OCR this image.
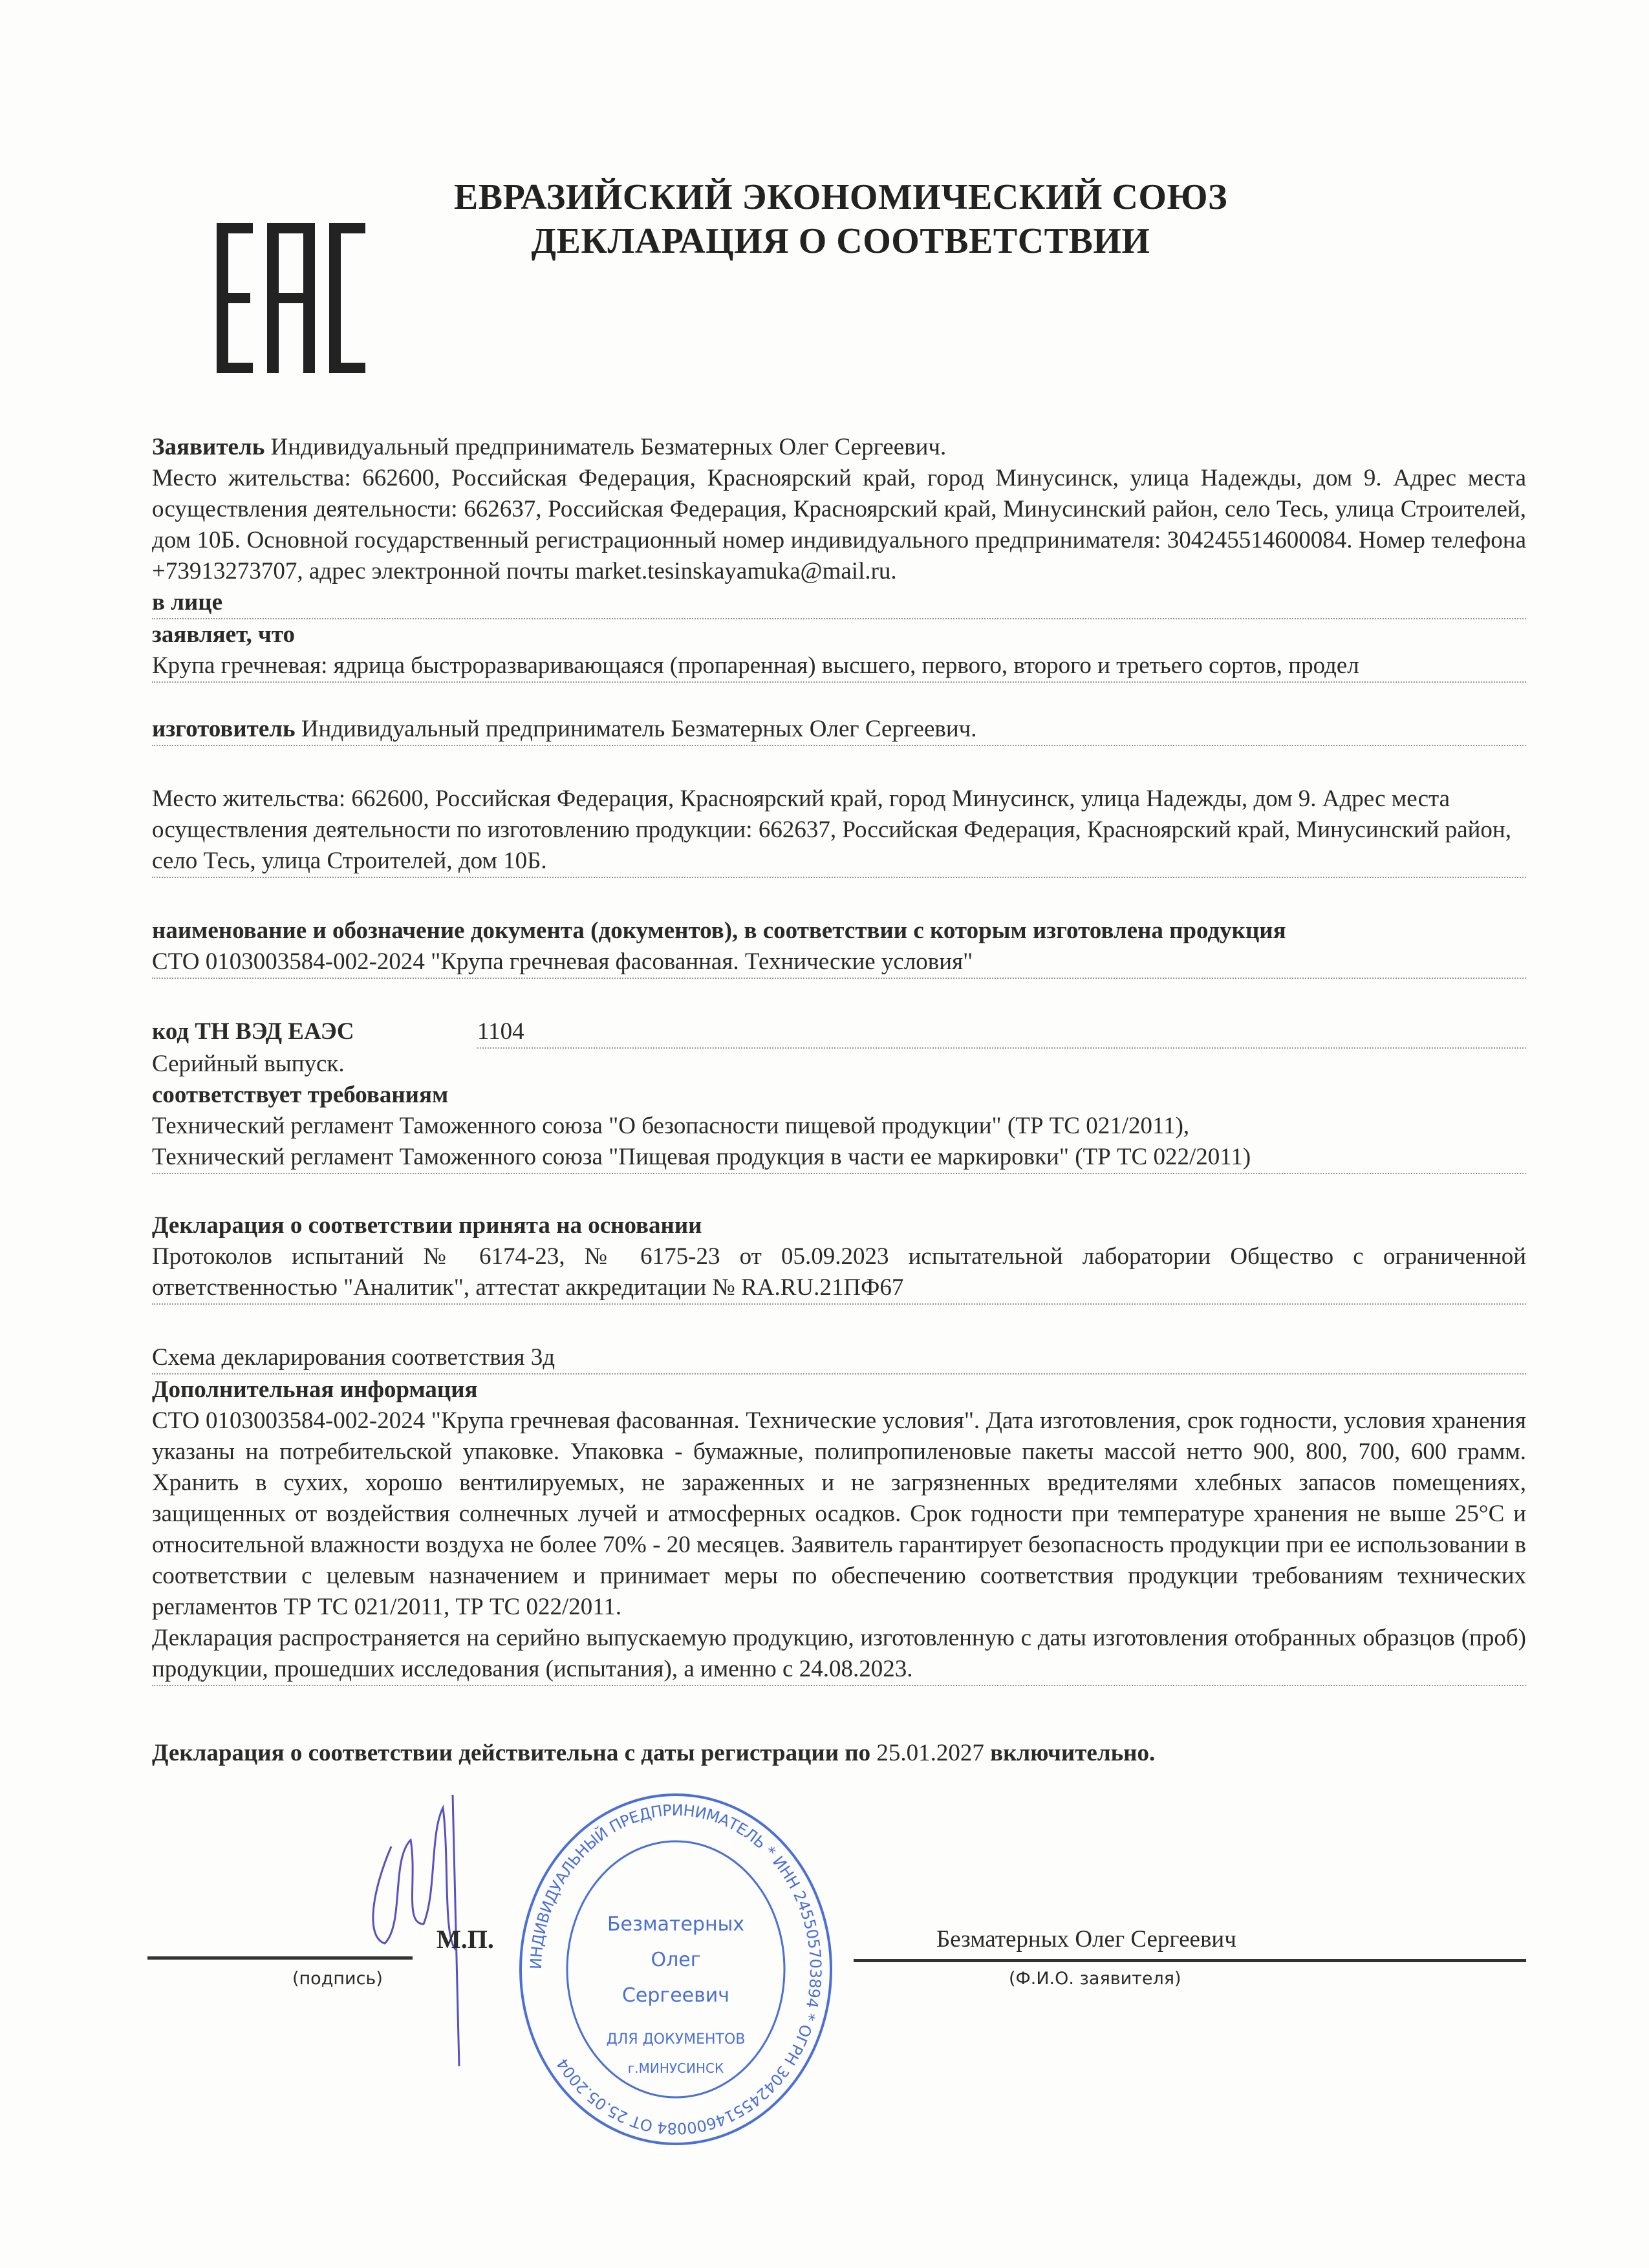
ЕВРАЗИЙСКИЙ ЭКОНОМИЧЕСКИЙ СОЮЗ
ДЕКЛАРАЦИЯ О СООТВЕТСТВИИ

Заявитель Индивидуальный предприниматель Безматерных Олег Сергеевич.

Место жительства: 662600, Российская Федерация, Красноярский край, город Минусинск, улица Надежды, дом 9. Адрес места осуществления деятельности: 662637, Российская Федерация, Красноярский край, Минусинский район, село Тесь, улица Строителей, дом 10Б. Основной государственный регистрационный номер индивидуального предпринимателя: 304245514600084. Номер телефона +73913273707, адрес электронной почты market.tesinskayamuka@mail.ru.

в лице

заявляет, что

Крупа гречневая: ядрица быстроразваривающаяся (пропаренная) высшего, первого, второго и третьего сортов, продел

изготовитель Индивидуальный предприниматель Безматерных Олег Сергеевич.

Место жительства: 662600, Российская Федерация, Красноярский край, город Минусинск, улица Надежды, дом 9. Адрес места осуществления деятельности по изготовлению продукции: 662637, Российская Федерация, Красноярский край, Минусинский район, село Тесь, улица Строителей, дом 10Б.

наименование и обозначение документа (документов), в соответствии с которым изготовлена продукция

СТО 0103003584-002-2024 "Крупа гречневая фасованная. Технические условия"

код ТН ВЭД ЕАЭС	1104

Серийный выпуск.

соответствует требованиям

Технический регламент Таможенного союза "О безопасности пищевой продукции" (ТР ТС 021/2011),

Технический регламент Таможенного союза "Пищевая продукция в части ее маркировки" (ТР ТС 022/2011)

Декларация о соответствии принята на основании

Протоколов испытаний № 6174-23, № 6175-23 от 05.09.2023 испытательной лаборатории Общество с ограниченной ответственностью "Аналитик", аттестат аккредитации № RA.RU.21ПФ67

Схема декларирования соответствия 3д

Дополнительная информация

СТО 0103003584-002-2024 "Крупа гречневая фасованная. Технические условия". Дата изготовления, срок годности, условия хранения указаны на потребительской упаковке. Упаковка - бумажные, полипропиленовые пакеты массой нетто 900, 800, 700, 600 грамм. Хранить в сухих, хорошо вентилируемых, не зараженных и не загрязненных вредителями хлебных запасов помещениях, защищенных от воздействия солнечных лучей и атмосферных осадков. Срок годности при температуре хранения не выше 25°С и относительной влажности воздуха не более 70% - 20 месяцев. Заявитель гарантирует безопасность продукции при ее использовании в соответствии с целевым назначением и принимает меры по обеспечению соответствия продукции требованиям технических регламентов ТР ТС 021/2011, ТР ТС 022/2011.

Декларация распространяется на серийно выпускаемую продукцию, изготовленную с даты изготовления отобранных образцов (проб) продукции, прошедших исследования (испытания), а именно с 24.08.2023.

Декларация о соответствии действительна с даты регистрации по 25.01.2027 включительно.

(подпись)
М.П.
ИНДИВИДУАЛЬНЫЙ ПРЕДПРИНИМАТЕЛЬ * ИНН 245505703894 * ОГРН 304245514600084 ОТ 25.05.2004
Безматерных
Олег
Сергеевич
ДЛЯ ДОКУМЕНТОВ
г.МИНУСИНСК
Безматерных Олег Сергеевич
(Ф.И.О. заявителя)
